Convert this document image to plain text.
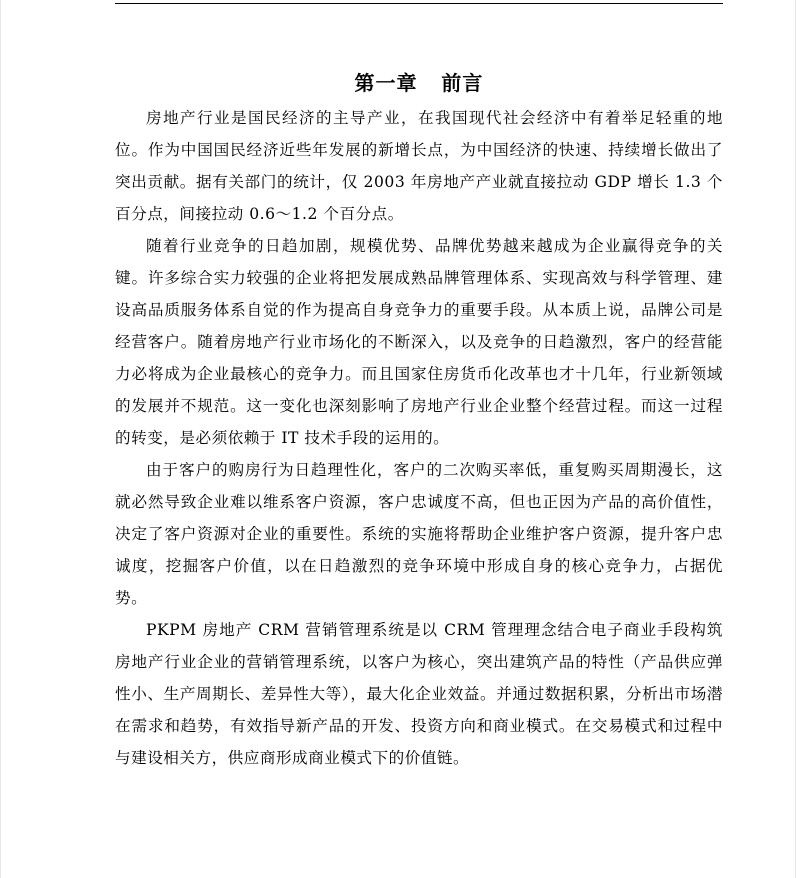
第一章   前言

房地产行业是国民经济的主导产业，在我国现代社会经济中有着举足轻重的地位。作为中国国民经济近些年发展的新增长点，为中国经济的快速、持续增长做出了突出贡献。据有关部门的统计，仅 2003 年房地产产业就直接拉动 GDP 增长 1.3 个百分点，间接拉动 0.6～1.2 个百分点。

随着行业竞争的日趋加剧，规模优势、品牌优势越来越成为企业赢得竞争的关键。许多综合实力较强的企业将把发展成熟品牌管理体系、实现高效与科学管理、建设高品质服务体系自觉的作为提高自身竞争力的重要手段。从本质上说，品牌公司是经营客户。随着房地产行业市场化的不断深入，以及竞争的日趋激烈，客户的经营能力必将成为企业最核心的竞争力。而且国家住房货币化改革也才十几年，行业新领域的发展并不规范。这一变化也深刻影响了房地产行业企业整个经营过程。而这一过程的转变，是必须依赖于 IT 技术手段的运用的。

由于客户的购房行为日趋理性化，客户的二次购买率低，重复购买周期漫长，这就必然导致企业难以维系客户资源，客户忠诚度不高，但也正因为产品的高价值性，决定了客户资源对企业的重要性。系统的实施将帮助企业维护客户资源，提升客户忠诚度，挖掘客户价值，以在日趋激烈的竞争环境中形成自身的核心竞争力，占据优势。

PKPM 房地产 CRM 营销管理系统是以 CRM 管理理念结合电子商业手段构筑房地产行业企业的营销管理系统，以客户为核心，突出建筑产品的特性（产品供应弹性小、生产周期长、差异性大等），最大化企业效益。并通过数据积累，分析出市场潜在需求和趋势，有效指导新产品的开发、投资方向和商业模式。在交易模式和过程中与建设相关方，供应商形成商业模式下的价值链。
